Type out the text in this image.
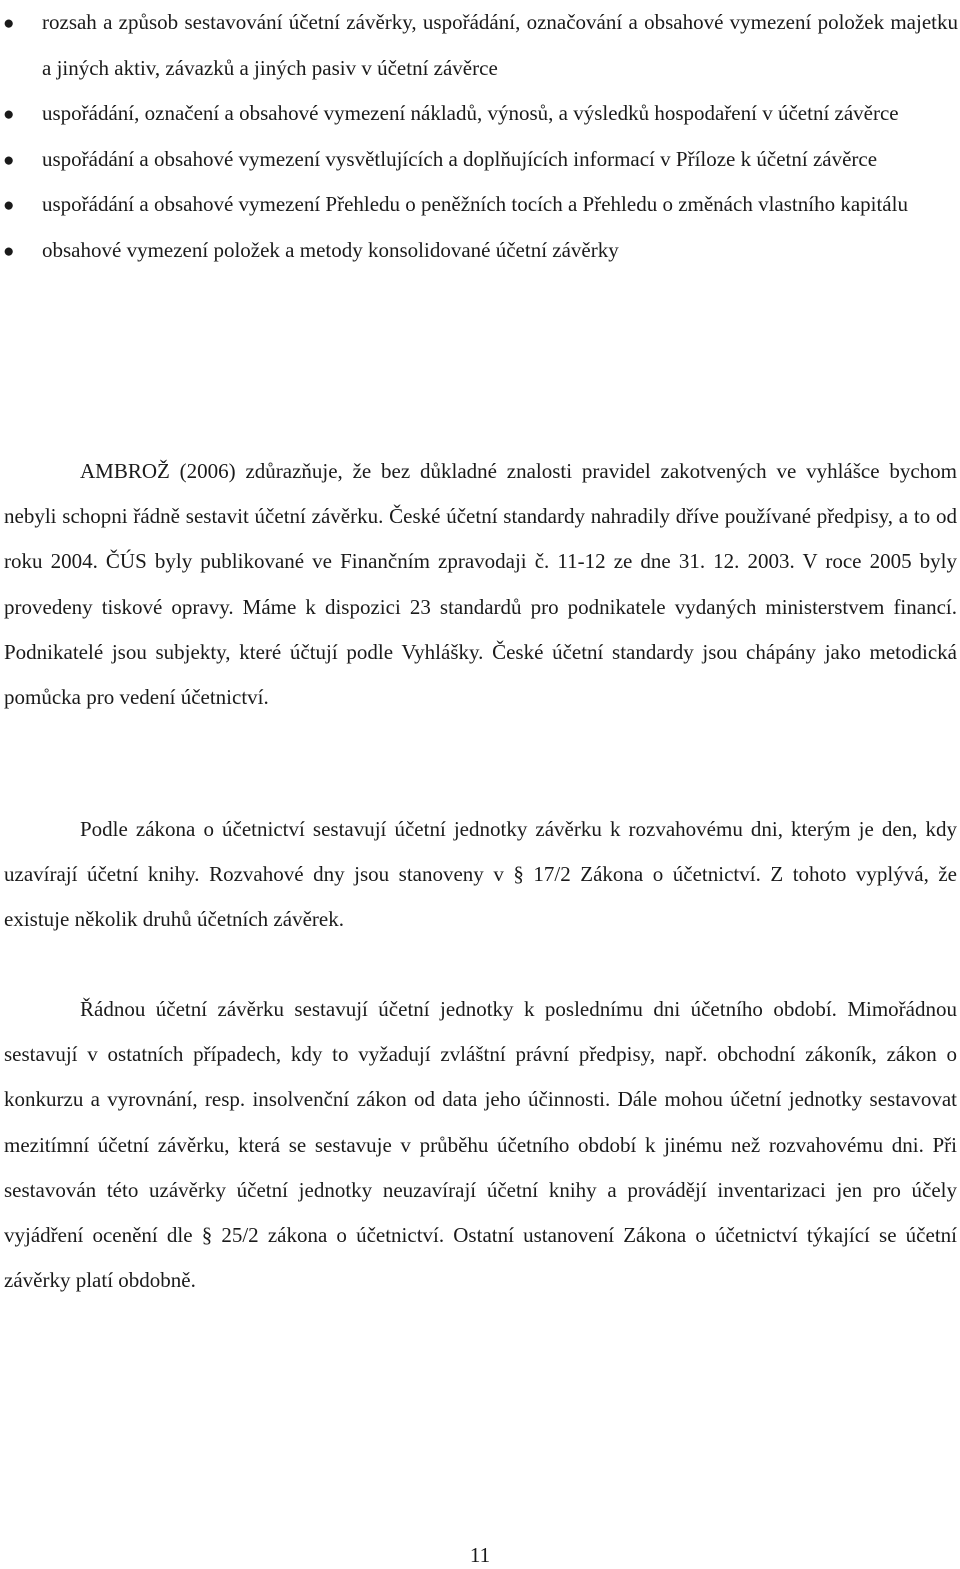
● rozsah a způsob sestavování účetní závěrky, uspořádání, označování a obsahové vymezení položek majetku a jiných aktiv, závazků a jiných pasiv v účetní závěrce
● uspořádání, označení a obsahové vymezení nákladů, výnosů, a výsledků hospodaření v účetní závěrce
● uspořádání a obsahové vymezení vysvětlujících a doplňujících informací v Příloze k účetní závěrce
● uspořádání a obsahové vymezení Přehledu o peněžních tocích a Přehledu o změnách vlastního kapitálu
● obsahové vymezení položek a metody konsolidované účetní závěrky

AMBROŽ (2006) zdůrazňuje, že bez důkladné znalosti pravidel zakotvených ve vyhlášce bychom nebyli schopni řádně sestavit účetní závěrku. České účetní standardy nahradily dříve používané předpisy, a to od roku 2004. ČÚS byly publikované ve Finančním zpravodaji č. 11-12 ze dne 31. 12. 2003. V roce 2005 byly provedeny tiskové opravy. Máme k dispozici 23 standardů pro podnikatele vydaných ministerstvem financí. Podnikatelé jsou subjekty, které účtují podle Vyhlášky. České účetní standardy jsou chápány jako metodická pomůcka pro vedení účetnictví.

Podle zákona o účetnictví sestavují účetní jednotky závěrku k rozvahovému dni, kterým je den, kdy uzavírají účetní knihy. Rozvahové dny jsou stanoveny v § 17/2 Zákona o účetnictví. Z tohoto vyplývá, že existuje několik druhů účetních závěrek.

Řádnou účetní závěrku sestavují účetní jednotky k poslednímu dni účetního období. Mimořádnou sestavují v ostatních případech, kdy to vyžadují zvláštní právní předpisy, např. obchodní zákoník, zákon o konkurzu a vyrovnání, resp. insolvenční zákon od data jeho účinnosti. Dále mohou účetní jednotky sestavovat mezitímní účetní závěrku, která se sestavuje v průběhu účetního období k jinému než rozvahovému dni. Při sestavován této uzávěrky účetní jednotky neuzavírají účetní knihy a provádějí inventarizaci jen pro účely vyjádření ocenění dle § 25/2 zákona o účetnictví. Ostatní ustanovení Zákona o účetnictví týkající se účetní závěrky platí obdobně.

11
